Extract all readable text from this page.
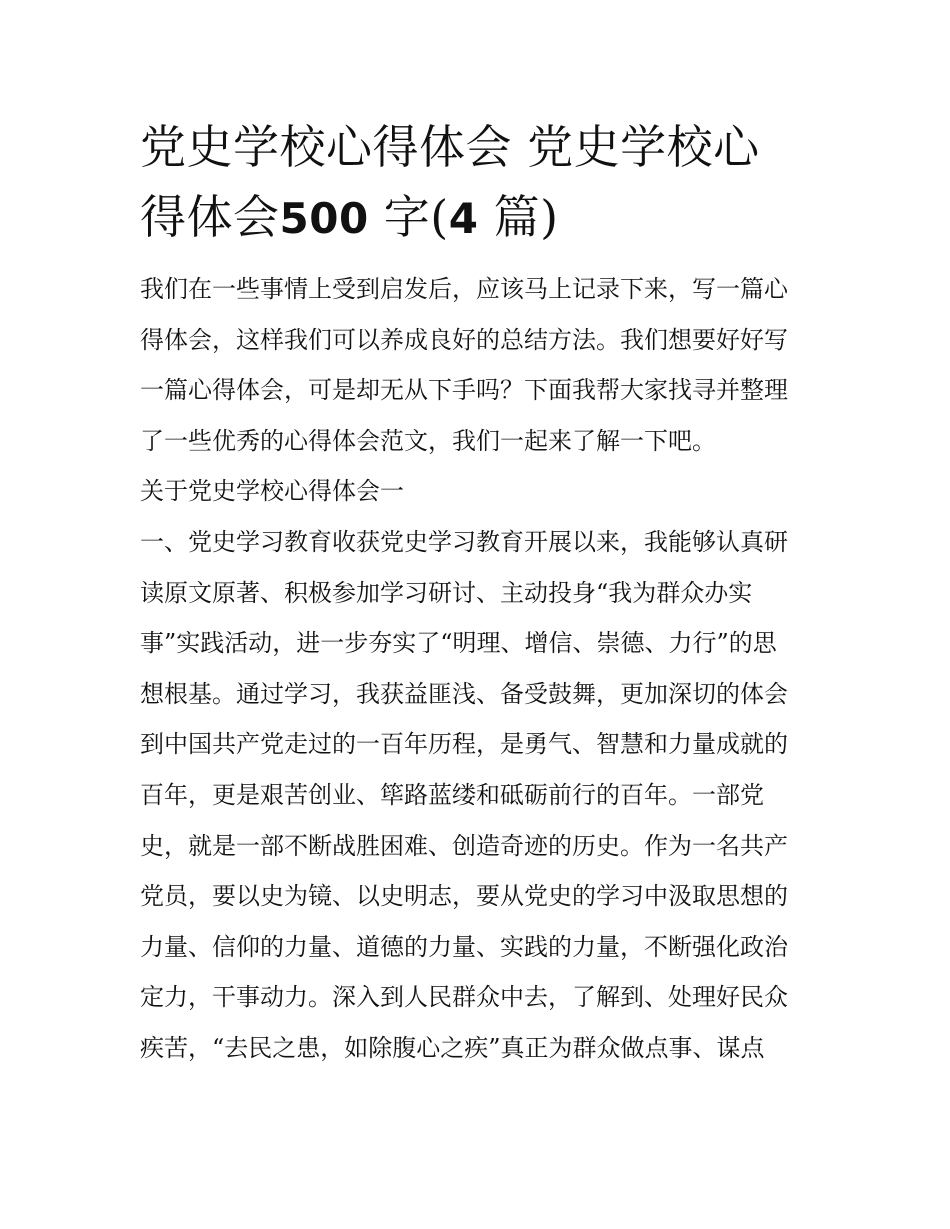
党史学校心得体会 党史学校心
得体会500 字(4 篇)
我们在一些事情上受到启发后，应该马上记录下来，写一篇心
得体会，这样我们可以养成良好的总结方法。我们想要好好写
一篇心得体会，可是却无从下手吗？下面我帮大家找寻并整理
了一些优秀的心得体会范文，我们一起来了解一下吧。
关于党史学校心得体会一
一、党史学习教育收获党史学习教育开展以来，我能够认真研
读原文原著、积极参加学习研讨、主动投身“我为群众办实
事”实践活动，进一步夯实了“明理、增信、崇德、力行”的思
想根基。通过学习，我获益匪浅、备受鼓舞，更加深切的体会
到中国共产党走过的一百年历程，是勇气、智慧和力量成就的
百年，更是艰苦创业、筚路蓝缕和砥砺前行的百年。一部党
史，就是一部不断战胜困难、创造奇迹的历史。作为一名共产
党员，要以史为镜、以史明志，要从党史的学习中汲取思想的
力量、信仰的力量、道德的力量、实践的力量，不断强化政治
定力，干事动力。深入到人民群众中去，了解到、处理好民众
疾苦，“去民之患，如除腹心之疾”真正为群众做点事、谋点
